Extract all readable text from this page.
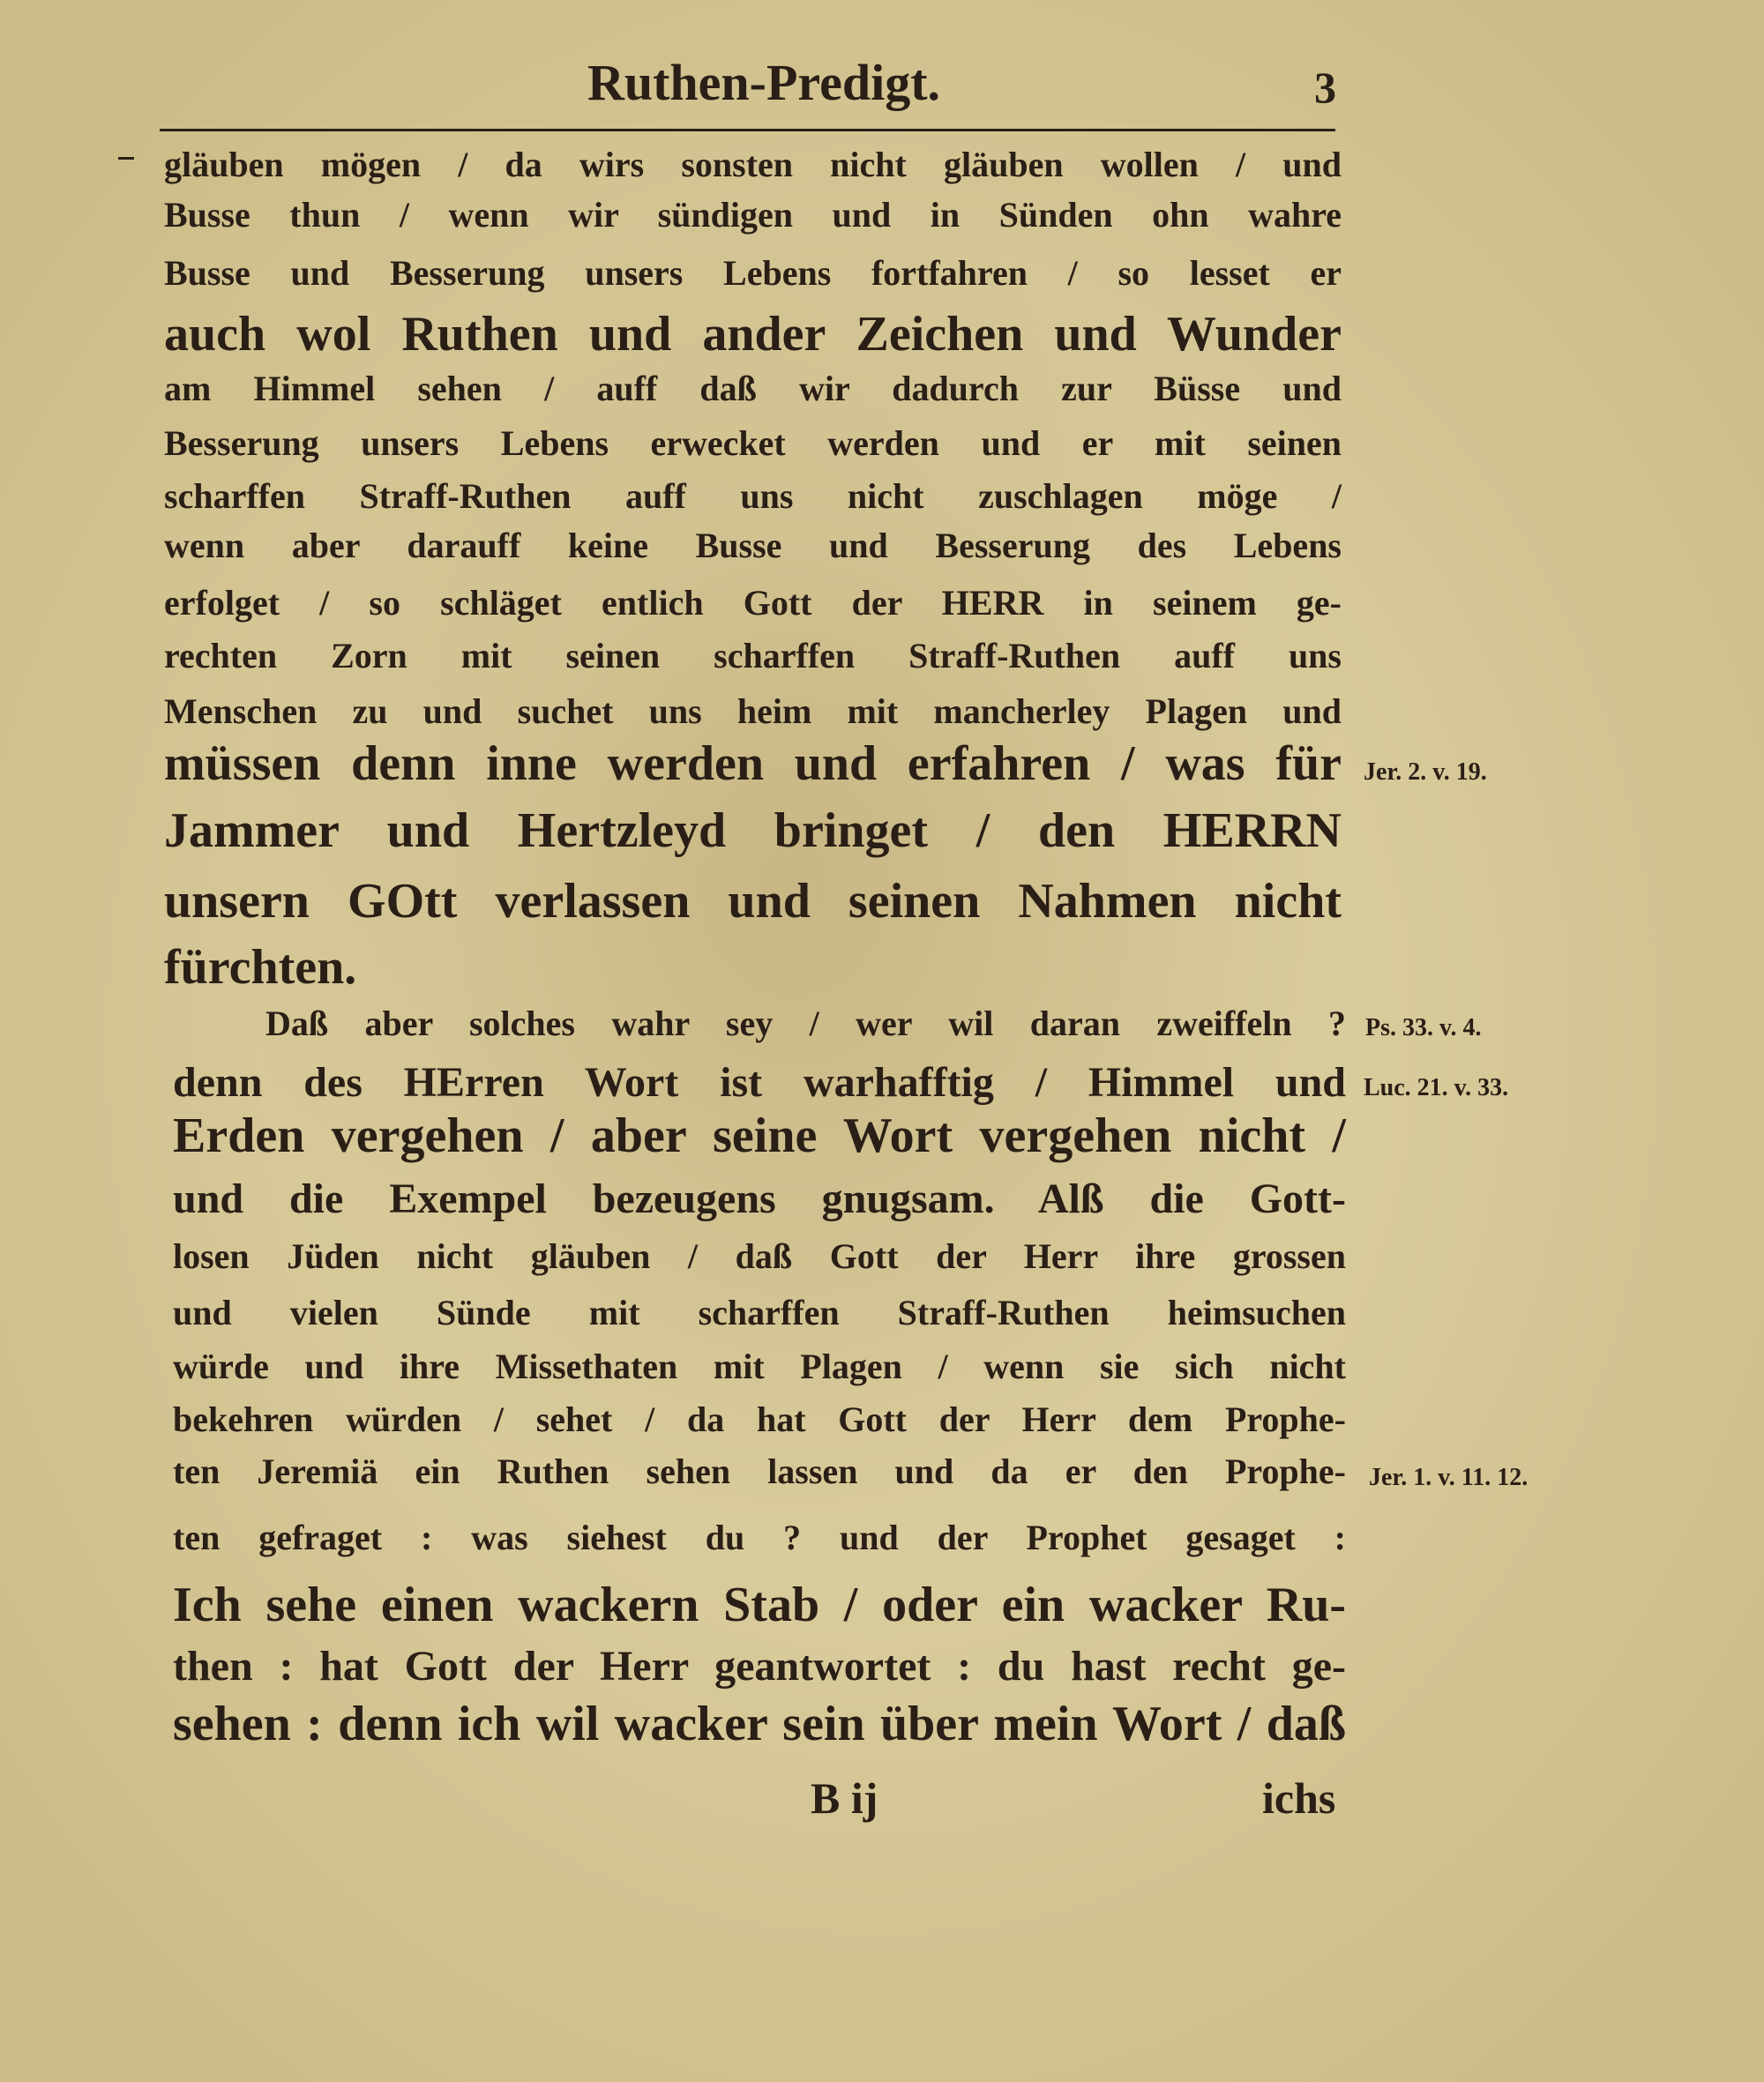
Ruthen-Predigt.	3
gläuben mögen / da wirs sonsten nicht gläuben wollen / und
Busse thun / wenn wir sündigen und in Sünden ohn wahre
Busse und Besserung unsers Lebens fortfahren / so lesset er
auch wol Ruthen und ander Zeichen und Wunder
am Himmel sehen / auff daß wir dadurch zur Büsse und
Besserung unsers Lebens erwecket werden und er mit seinen
scharffen Straff-Ruthen auff uns nicht zuschlagen möge /
wenn aber darauff keine Busse und Besserung des Lebens
erfolget / so schläget entlich Gott der HERR in seinem ge-
rechten Zorn mit seinen scharffen Straff-Ruthen auff uns
Menschen zu und suchet uns heim mit mancherley Plagen und
müssen denn inne werden und erfahren / was für
Jammer und Hertzleyd bringet / den HERRN
unsern GOtt verlassen und seinen Nahmen nicht
fürchten.
Daß aber solches wahr sey / wer wil daran zweiffeln ?
denn des HErren Wort ist warhafftig / Himmel und
Erden vergehen / aber seine Wort vergehen nicht /
und die Exempel bezeugens gnugsam. Alß die Gott-
losen Jüden nicht gläuben / daß Gott der Herr ihre grossen
und vielen Sünde mit scharffen Straff-Ruthen heimsuchen
würde und ihre Missethaten mit Plagen / wenn sie sich nicht
bekehren würden / sehet / da hat Gott der Herr dem Prophe-
ten Jeremiä ein Ruthen sehen lassen und da er den Prophe-
ten gefraget : was siehest du ? und der Prophet gesaget :
Ich sehe einen wackern Stab / oder ein wacker Ru-
then : hat Gott der Herr geantwortet : du hast recht ge-
sehen : denn ich wil wacker sein über mein Wort / daß
Jer. 2. v. 19.
Ps. 33. v. 4.
Luc. 21. v. 33.
Jer. 1. v. 11. 12.
B ij	ichs
